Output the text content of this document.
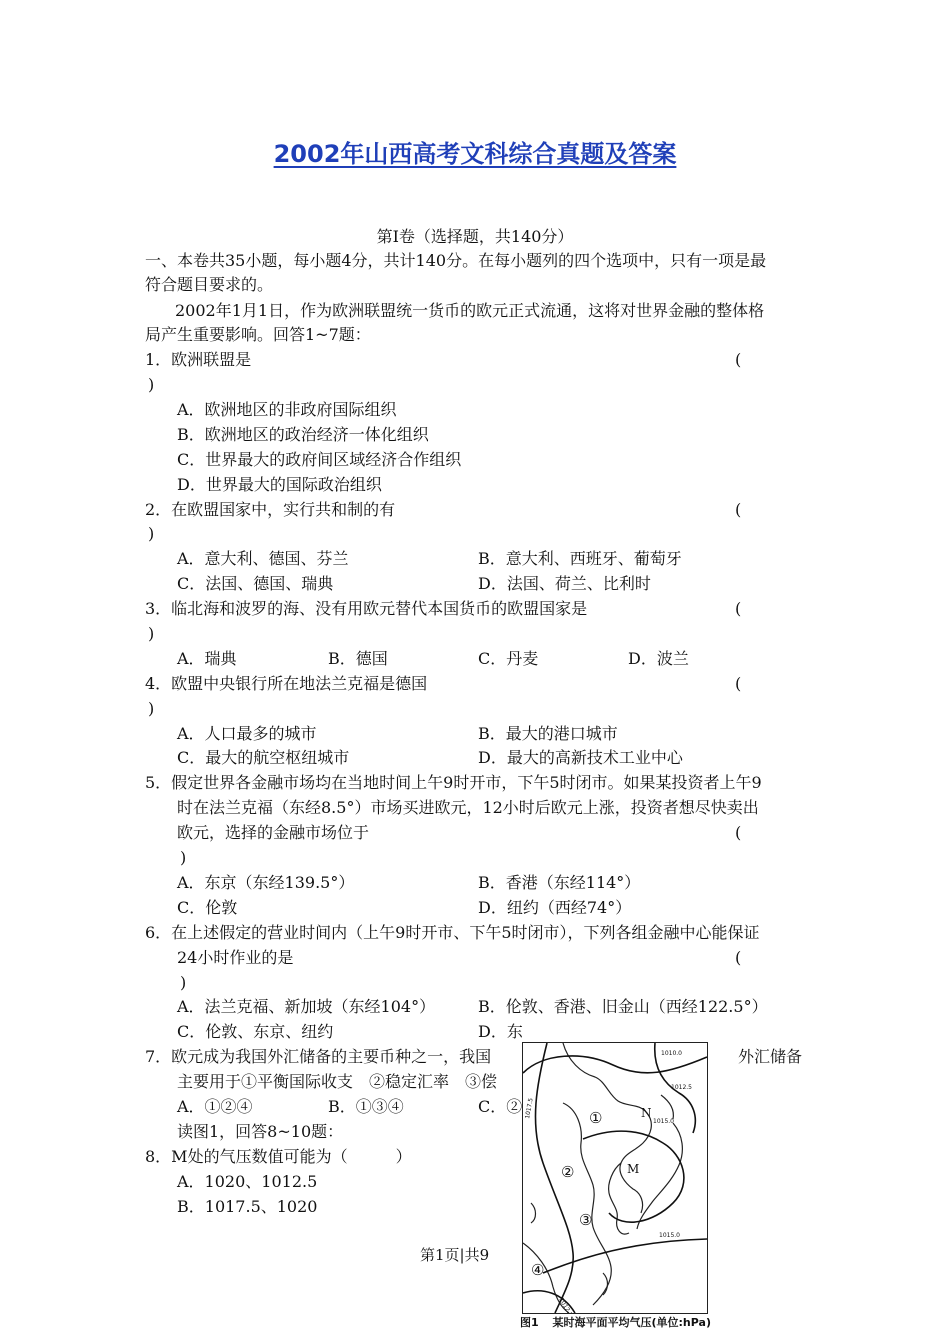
2002年山西高考文科综合真题及答案
第Ⅰ卷（选择题，共140分）
一、本卷共35小题，每小题4分，共计140分。在每小题列的四个选项中，只有一项是最
符合题目要求的。
2002年1月1日，作为欧洲联盟统一货币的欧元正式流通，这将对世界金融的整体格
局产生重要影响。回答1~7题：
1．欧洲联盟是	(
)
A．欧洲地区的非政府国际组织
B．欧洲地区的政治经济一体化组织
C．世界最大的政府间区域经济合作组织
D．世界最大的国际政治组织
2．在欧盟国家中，实行共和制的有	(
)
A．意大利、德国、芬兰	B．意大利、西班牙、葡萄牙
C．法国、德国、瑞典	D．法国、荷兰、比利时
3．临北海和波罗的海、没有用欧元替代本国货币的欧盟国家是	(
)
A．瑞典	B．德国	C．丹麦	D．波兰
4．欧盟中央银行所在地法兰克福是德国	(
)
A．人口最多的城市	B．最大的港口城市
C．最大的航空枢纽城市	D．最大的高新技术工业中心
5．假定世界各金融市场均在当地时间上午9时开市，下午5时闭市。如果某投资者上午9
时在法兰克福（东经8.5°）市场买进欧元，12小时后欧元上涨，投资者想尽快卖出
欧元，选择的金融市场位于	(
)
A．东京（东经139.5°）	B．香港（东经114°）
C．伦敦	D．纽约（西经74°）
6．在上述假定的营业时间内（上午9时开市、下午5时闭市），下列各组金融中心能保证
24小时作业的是	(
)
A．法兰克福、新加坡（东经104°）	B．伦敦、香港、旧金山（西经122.5°）
C．伦敦、东京、纽约	D．东
7．欧元成为我国外汇储备的主要币种之一，我国	外汇储备
主要用于①平衡国际收支　②稳定汇率　③偿
A．①②④	B．①③④	C．②
读图1，回答8~10题：
8．M处的气压数值可能为（　　　）
A．1020、1012.5
B．1017.5、1020
第1页|共9
1010.0
1012.5
1015.0
1017.5
1015.0
1012.5
①
②
③
④
N
M
图1 某时海平面平均气压(单位:hPa)
